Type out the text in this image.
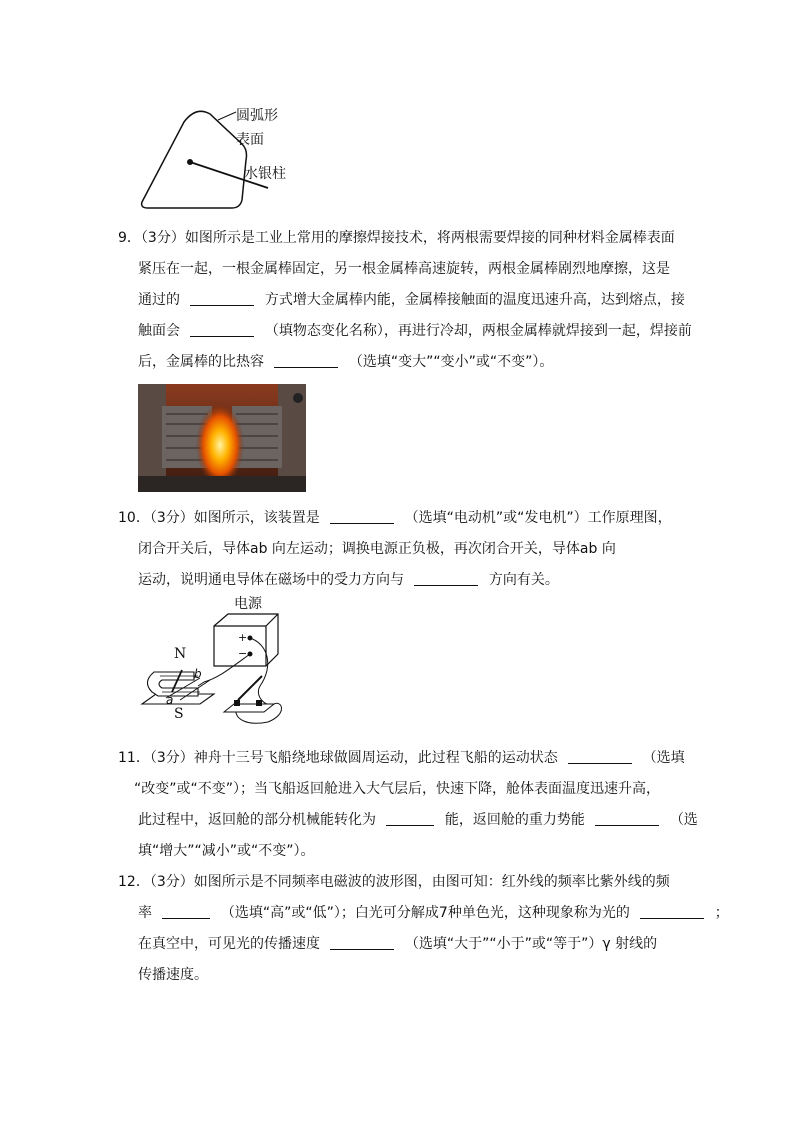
圆弧形
表面
水银柱
9．（3分）如图所示是工业上常用的摩擦焊接技术，将两根需要焊接的同种材料金属棒表面
紧压在一起，一根金属棒固定，另一根金属棒高速旋转，两根金属棒剧烈地摩擦，这是
通过的	方式增大金属棒内能，金属棒接触面的温度迅速升高，达到熔点，接
触面会	（填物态变化名称），再进行冷却，两根金属棒就焊接到一起，焊接前
后，金属棒的比热容	（选填“变大”“变小”或“不变”）。
10．（3分）如图所示，该装置是	（选填“电动机”或“发电机”）工作原理图，
闭合开关后，导体ab 向左运动；调换电源正负极，再次闭合开关，导体ab 向
运动，说明通电导体在磁场中的受力方向与	方向有关。
电源
+
−
N
S
a
b
11．（3分）神舟十三号飞船绕地球做圆周运动，此过程飞船的运动状态	（选填
“改变”或“不变”）；当飞船返回舱进入大气层后，快速下降，舱体表面温度迅速升高，
此过程中，返回舱的部分机械能转化为	能，返回舱的重力势能	（选
填“增大”“减小”或“不变”）。
12．（3分）如图所示是不同频率电磁波的波形图，由图可知：红外线的频率比紫外线的频
率	（选填“高”或“低”）；白光可分解成7种单色光，这种现象称为光的	；
在真空中，可见光的传播速度	（选填“大于”“小于”或“等于”）γ 射线的
传播速度。
